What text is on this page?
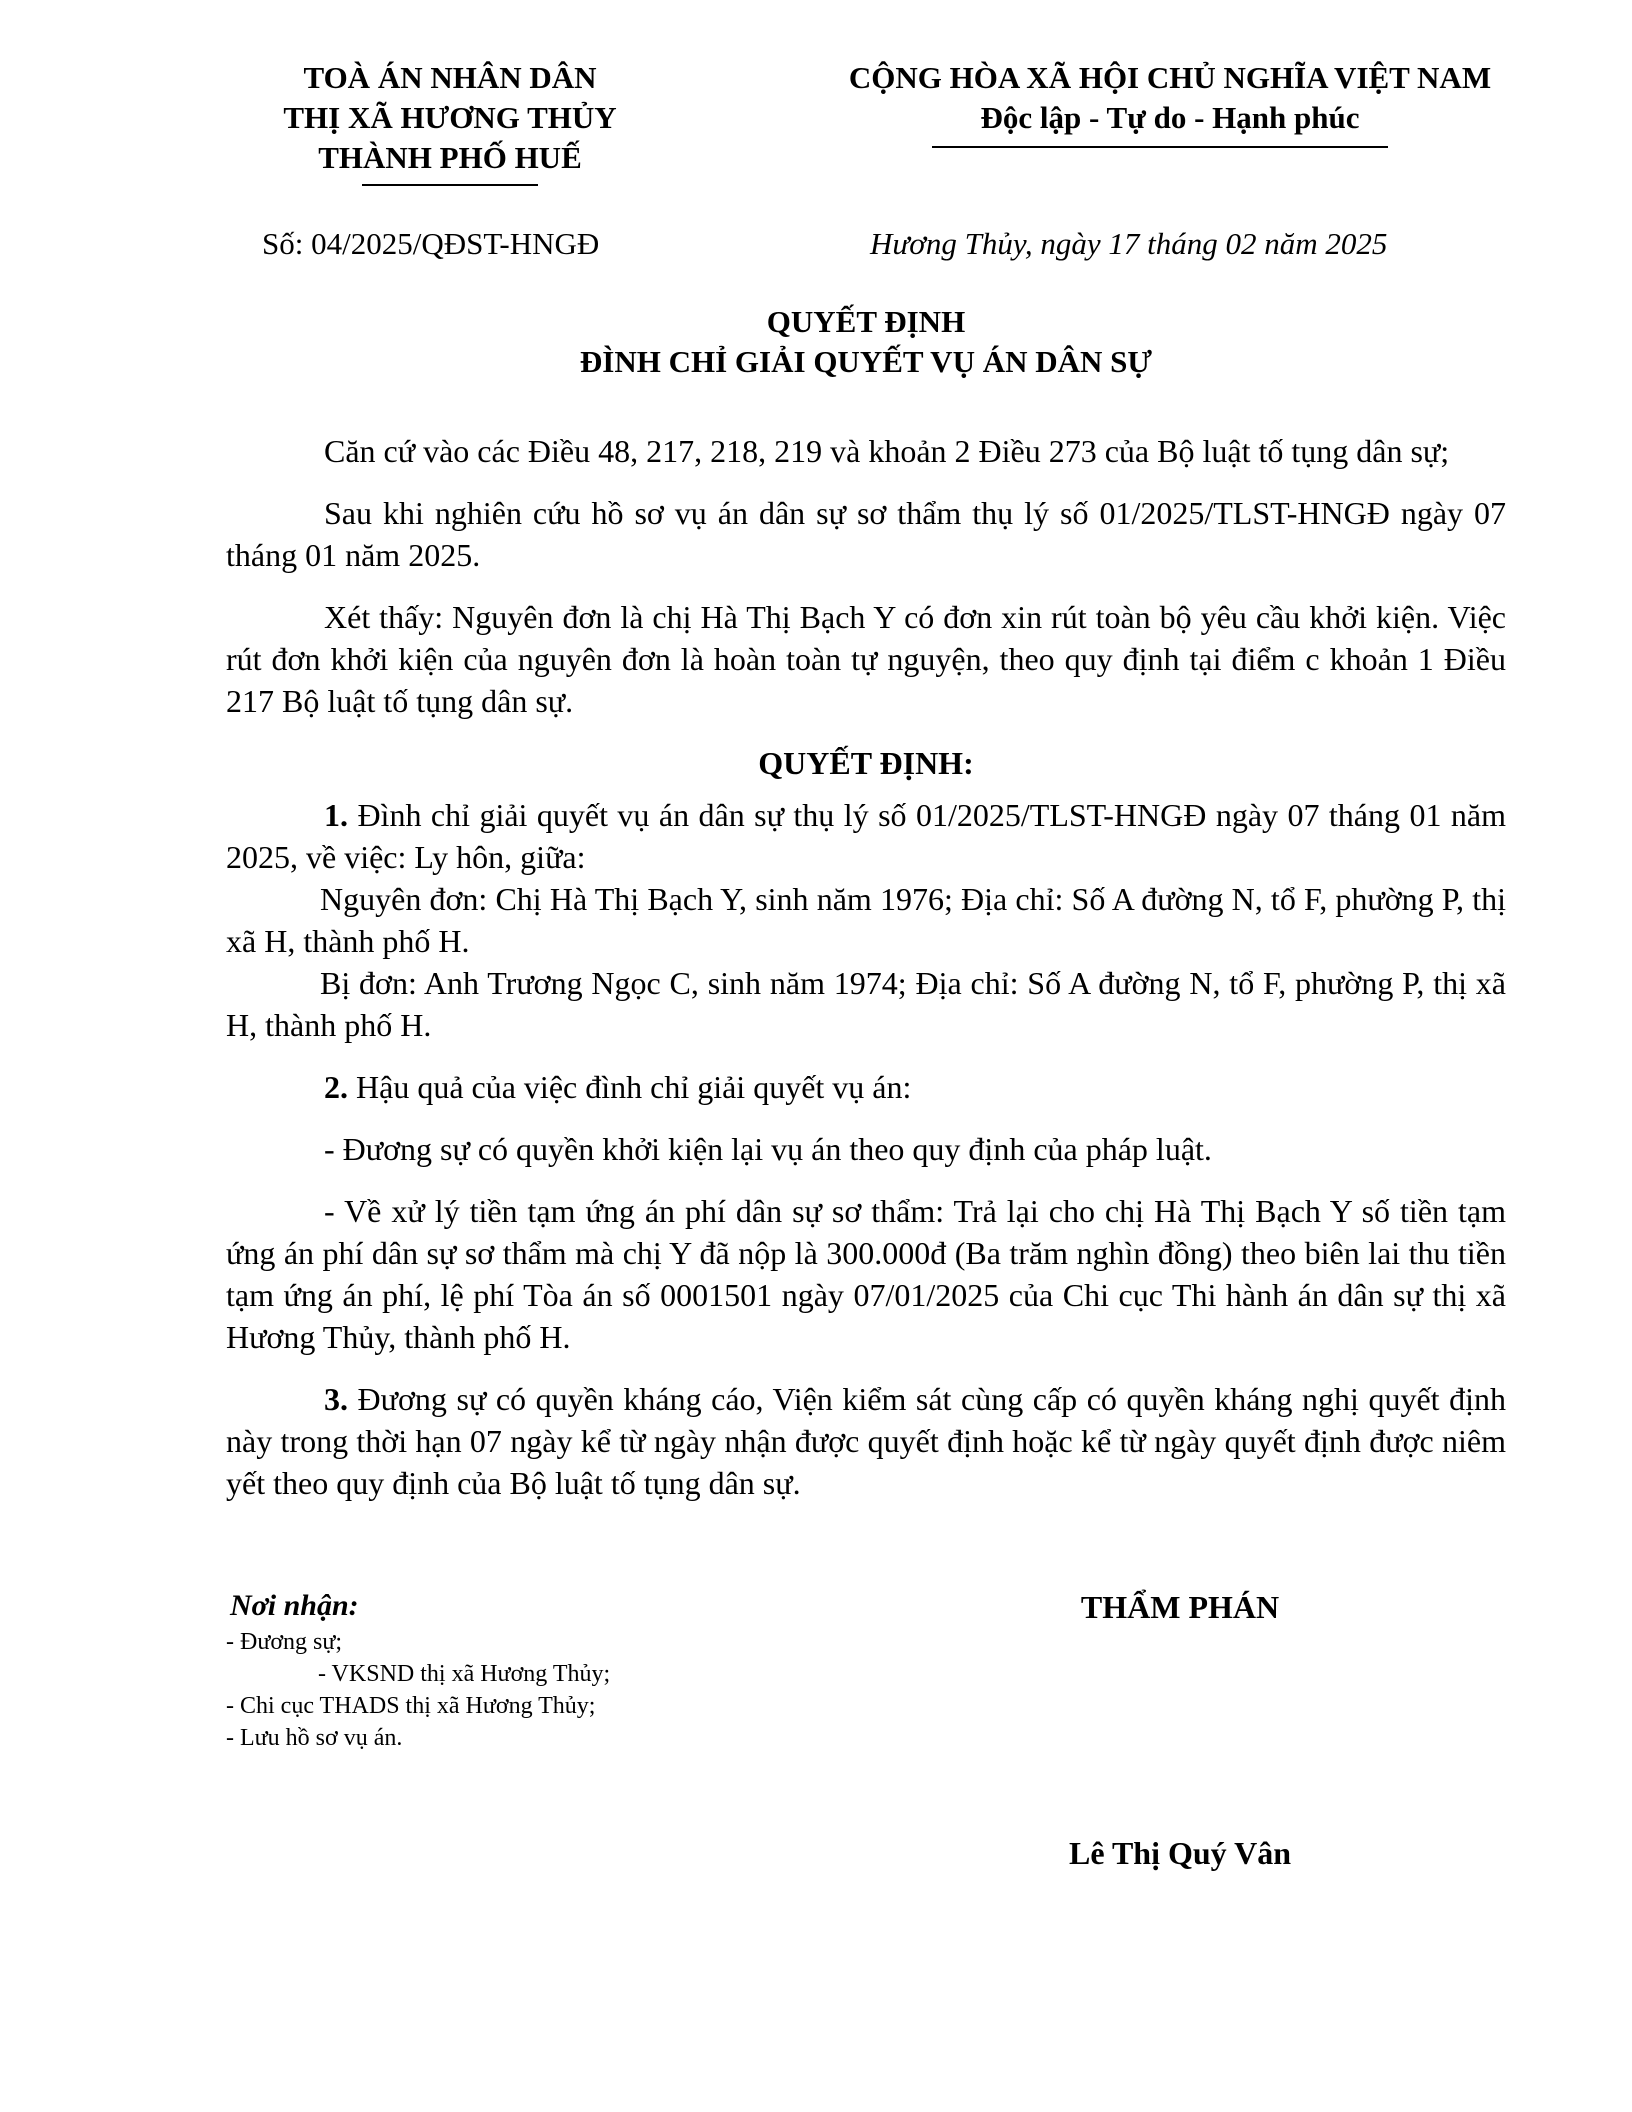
TOÀ ÁN NHÂN DÂN
THỊ XÃ HƯƠNG THỦY
THÀNH PHỐ HUẾ
CỘNG HÒA XÃ HỘI CHỦ NGHĨA VIỆT NAM
Độc lập - Tự do - Hạnh phúc
Số: 04/2025/QĐST-HNGĐ	Hương Thủy, ngày 17 tháng 02 năm 2025
QUYẾT ĐỊNH
ĐÌNH CHỈ GIẢI QUYẾT VỤ ÁN DÂN SỰ

Căn cứ vào các Điều 48, 217, 218, 219 và khoản 2 Điều 273 của Bộ luật tố tụng dân sự;

Sau khi nghiên cứu hồ sơ vụ án dân sự sơ thẩm thụ lý số 01/2025/TLST-HNGĐ ngày 07 tháng 01 năm 2025.

Xét thấy: Nguyên đơn là chị Hà Thị Bạch Y có đơn xin rút toàn bộ yêu cầu khởi kiện. Việc rút đơn khởi kiện của nguyên đơn là hoàn toàn tự nguyện, theo quy định tại điểm c khoản 1 Điều 217 Bộ luật tố tụng dân sự.

QUYẾT ĐỊNH:

1. Đình chỉ giải quyết vụ án dân sự thụ lý số 01/2025/TLST-HNGĐ ngày 07 tháng 01 năm 2025, về việc: Ly hôn, giữa:

Nguyên đơn: Chị Hà Thị Bạch Y, sinh năm 1976; Địa chỉ: Số A đường N, tổ F, phường P, thị xã H, thành phố H.

Bị đơn: Anh Trương Ngọc C, sinh năm 1974; Địa chỉ: Số A đường N, tổ F, phường P, thị xã H, thành phố H.

2. Hậu quả của việc đình chỉ giải quyết vụ án:

- Đương sự có quyền khởi kiện lại vụ án theo quy định của pháp luật.

- Về xử lý tiền tạm ứng án phí dân sự sơ thẩm: Trả lại cho chị Hà Thị Bạch Y số tiền tạm ứng án phí dân sự sơ thẩm mà chị Y đã nộp là 300.000đ (Ba trăm nghìn đồng) theo biên lai thu tiền tạm ứng án phí, lệ phí Tòa án số 0001501 ngày 07/01/2025 của Chi cục Thi hành án dân sự thị xã Hương Thủy, thành phố H.

3. Đương sự có quyền kháng cáo, Viện kiểm sát cùng cấp có quyền kháng nghị quyết định này trong thời hạn 07 ngày kể từ ngày nhận được quyết định hoặc kể từ ngày quyết định được niêm yết theo quy định của Bộ luật tố tụng dân sự.

Nơi nhận:
- Đương sự;
- VKSND thị xã Hương Thủy;
- Chi cục THADS thị xã Hương Thủy;
- Lưu hồ sơ vụ án.
THẨM PHÁN
Lê Thị Quý Vân
